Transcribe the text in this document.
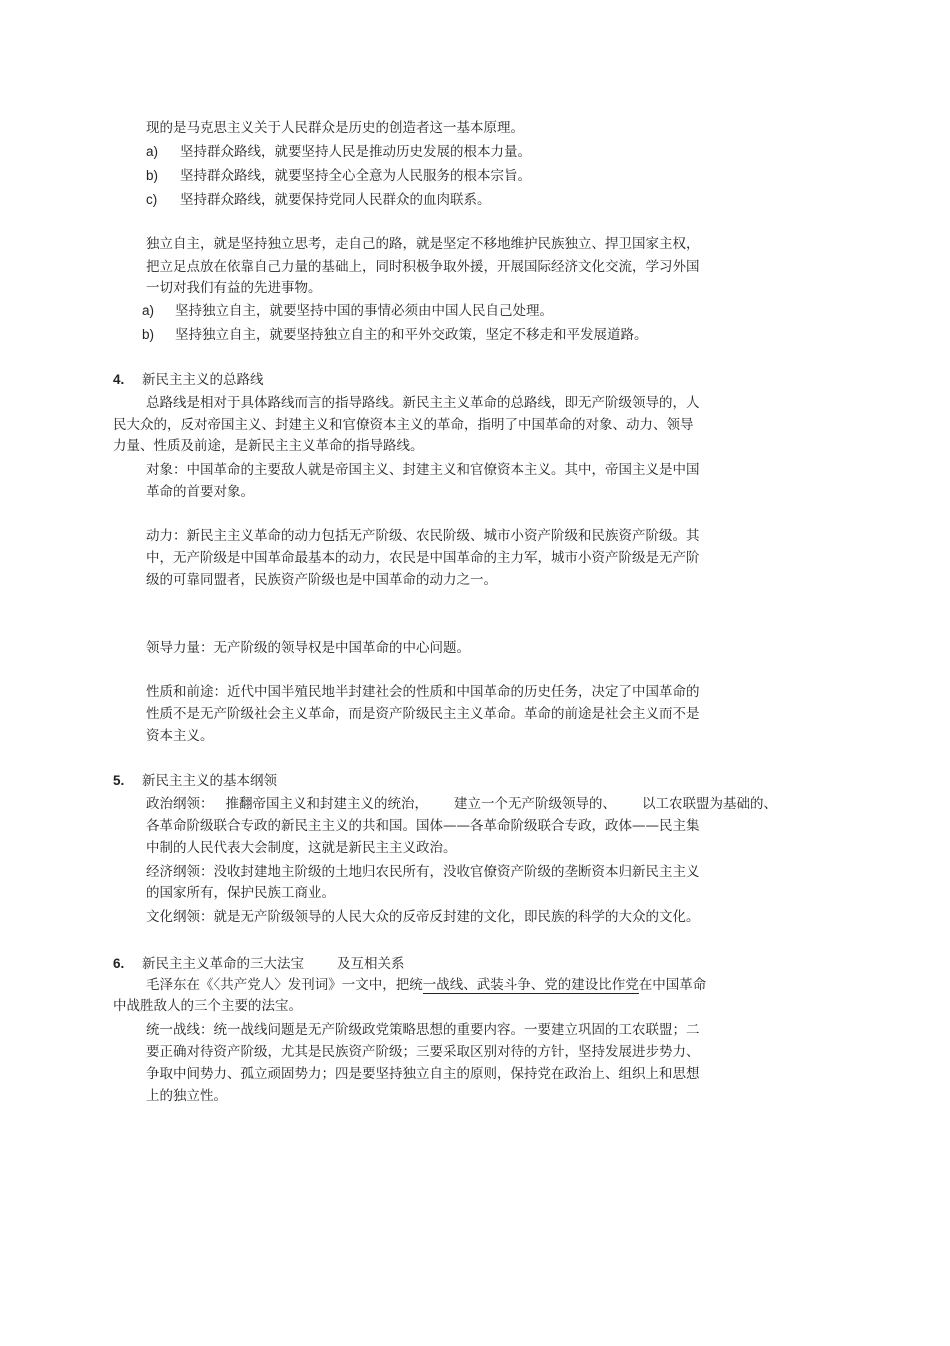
现的是马克思主义关于人民群众是历史的创造者这一基本原理。
a) 坚持群众路线，就要坚持人民是推动历史发展的根本力量。
b) 坚持群众路线，就要坚持全心全意为人民服务的根本宗旨。
c) 坚持群众路线，就要保持党同人民群众的血肉联系。
独立自主，就是坚持独立思考，走自己的路，就是坚定不移地维护民族独立、捍卫国家主权，
把立足点放在依靠自己力量的基础上，同时积极争取外援，开展国际经济文化交流，学习外国
一切对我们有益的先进事物。
a) 坚持独立自主，就要坚持中国的事情必须由中国人民自己处理。
b) 坚持独立自主，就要坚持独立自主的和平外交政策，坚定不移走和平发展道路。
4. 新民主主义的总路线
总路线是相对于具体路线而言的指导路线。新民主主义革命的总路线，即无产阶级领导的，人
民大众的，反对帝国主义、封建主义和官僚资本主义的革命，指明了中国革命的对象、动力、领导
力量、性质及前途，是新民主主义革命的指导路线。
对象：中国革命的主要敌人就是帝国主义、封建主义和官僚资本主义。其中，帝国主义是中国
革命的首要对象。
动力：新民主主义革命的动力包括无产阶级、农民阶级、城市小资产阶级和民族资产阶级。其
中，无产阶级是中国革命最基本的动力，农民是中国革命的主力军，城市小资产阶级是无产阶
级的可靠同盟者，民族资产阶级也是中国革命的动力之一。
领导力量：无产阶级的领导权是中国革命的中心问题。
性质和前途：近代中国半殖民地半封建社会的性质和中国革命的历史任务，决定了中国革命的
性质不是无产阶级社会主义革命，而是资产阶级民主主义革命。革命的前途是社会主义而不是
资本主义。
5. 新民主主义的基本纲领
政治纲领： 推翻帝国主义和封建主义的统治， 建立一个无产阶级领导的、 以工农联盟为基础的、
各革命阶级联合专政的新民主主义的共和国。国体——各革命阶级联合专政，政体——民主集
中制的人民代表大会制度，这就是新民主主义政治。
经济纲领：没收封建地主阶级的土地归农民所有，没收官僚资产阶级的垄断资本归新民主主义
的国家所有，保护民族工商业。
文化纲领：就是无产阶级领导的人民大众的反帝反封建的文化，即民族的科学的大众的文化。
6. 新民主主义革命的三大法宝 及互相关系
毛泽东在《〈共产党人〉发刊词》一文中，把统一战线、武装斗争、党的建设比作党在中国革命
中战胜敌人的三个主要的法宝。
统一战线：统一战线问题是无产阶级政党策略思想的重要内容。一要建立巩固的工农联盟；二
要正确对待资产阶级，尤其是民族资产阶级；三要采取区别对待的方针，坚持发展进步势力、
争取中间势力、孤立顽固势力；四是要坚持独立自主的原则，保持党在政治上、组织上和思想
上的独立性。
